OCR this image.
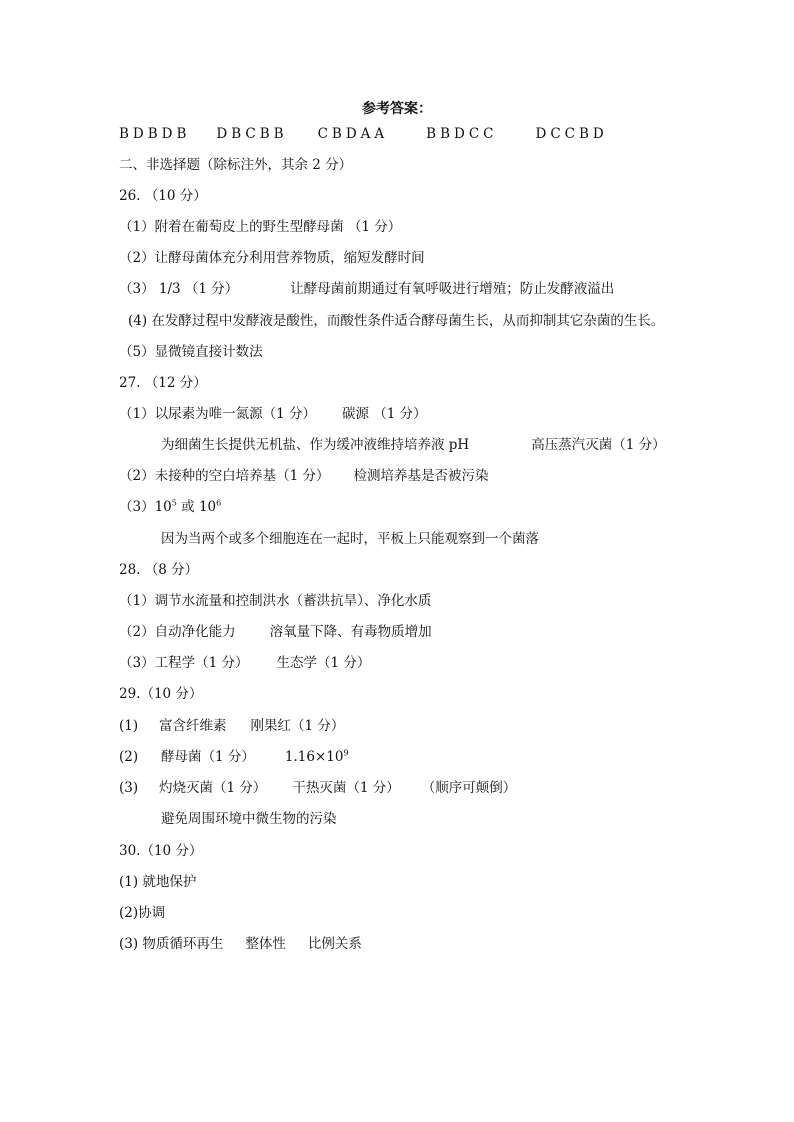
参考答案：
BDBDB DBCBB CBDAA	BBDCC	DCCBD
二、非选择题（除标注外，其余 2 分）
26. （10 分）
（1）附着在葡萄皮上的野生型酵母菌 （1 分）
（2）让酵母菌体充分利用营养物质，缩短发酵时间
（3） 1/3 （1 分）	让酵母菌前期通过有氧呼吸进行增殖；防止发酵液溢出
(4) 在发酵过程中发酵液是酸性，而酸性条件适合酵母菌生长，从而抑制其它杂菌的生长。
（5）显微镜直接计数法
27. （12 分）
（1）以尿素为唯一氮源（1 分） 碳源 （1 分）
为细菌生长提供无机盐、作为缓冲液维持培养液 pH	高压蒸汽灭菌（1 分）
（2）未接种的空白培养基（1 分） 检测培养基是否被污染
$(3)10^5$ 或 $10^6$
因为当两个或多个细胞连在一起时，平板上只能观察到一个菌落
28. （8 分）
（1）调节水流量和控制洪水（蓄洪抗旱）、净化水质
（2）自动净化能力	溶氧量下降、有毒物质增加
（3）工程学（1 分） 生态学（1 分）
29.（10 分）
(1) 富含纤维素 刚果红（1 分）
(2) 酵母菌（1 分） $1.16\times 10^9$
(3) 灼烧灭菌（1 分） 干热灭菌（1 分） （顺序可颠倒）
避免周围环境中微生物的污染
30.（10 分）
(1) 就地保护
(2)协调
(3) 物质循环再生 整体性 比例关系
